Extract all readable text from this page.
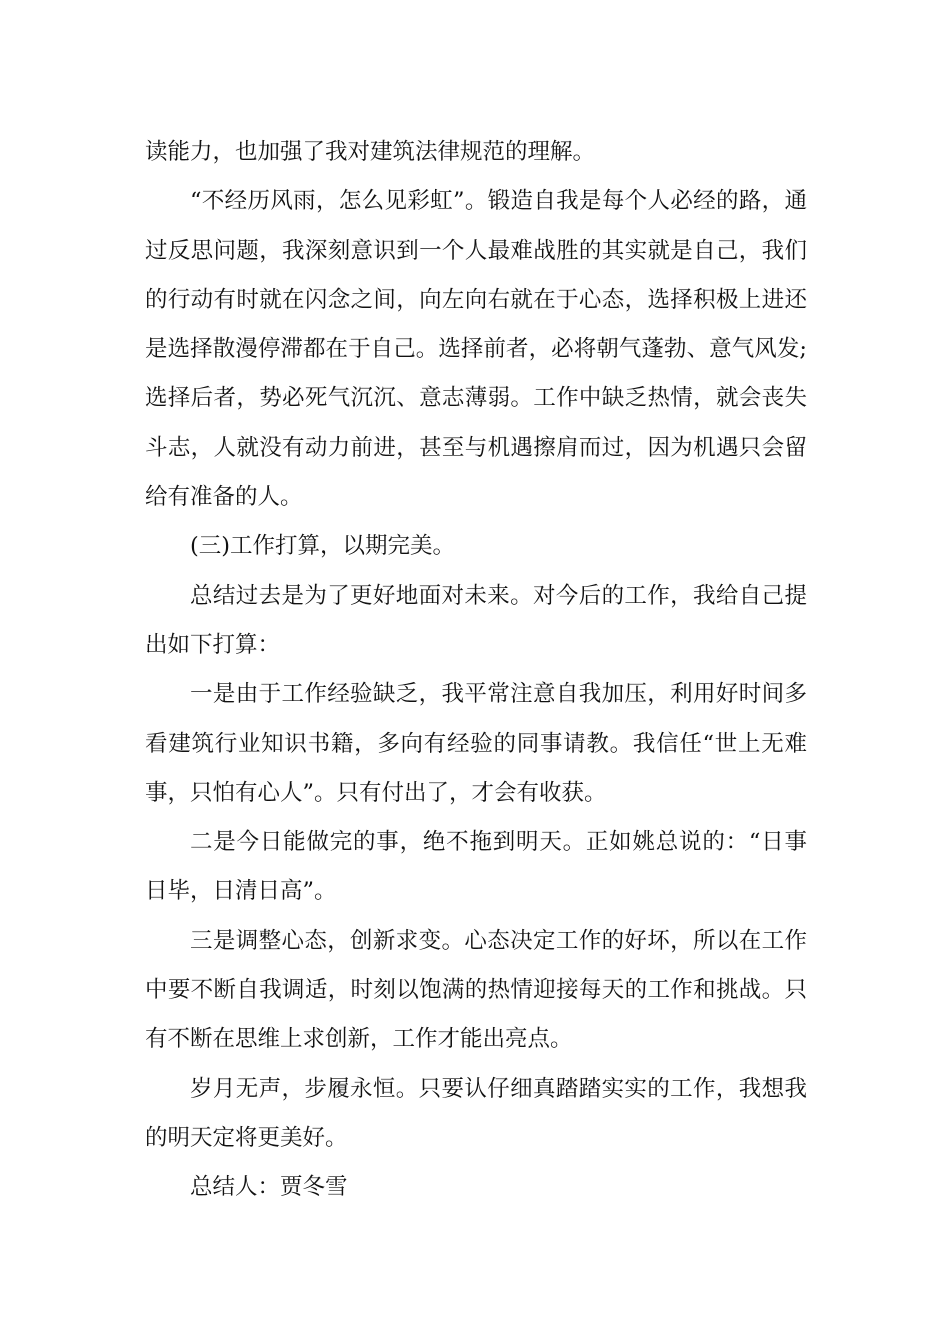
读能力，也加强了我对建筑法律规范的理解。

“不经历风雨，怎么见彩虹”。锻造自我是每个人必经的路，通过反思问题，我深刻意识到一个人最难战胜的其实就是自己，我们的行动有时就在闪念之间，向左向右就在于心态，选择积极上进还是选择散漫停滞都在于自己。选择前者，必将朝气蓬勃、意气风发;选择后者，势必死气沉沉、意志薄弱。工作中缺乏热情，就会丧失斗志，人就没有动力前进，甚至与机遇擦肩而过，因为机遇只会留给有准备的人。

(三)工作打算，以期完美。

总结过去是为了更好地面对未来。对今后的工作，我给自己提出如下打算：

一是由于工作经验缺乏，我平常注意自我加压，利用好时间多看建筑行业知识书籍，多向有经验的同事请教。我信任“世上无难事，只怕有心人”。只有付出了，才会有收获。

二是今日能做完的事，绝不拖到明天。正如姚总说的：“日事日毕，日清日高”。

三是调整心态，创新求变。心态决定工作的好坏，所以在工作中要不断自我调适，时刻以饱满的热情迎接每天的工作和挑战。只有不断在思维上求创新，工作才能出亮点。

岁月无声，步履永恒。只要认仔细真踏踏实实的工作，我想我的明天定将更美好。

总结人：贾冬雪
